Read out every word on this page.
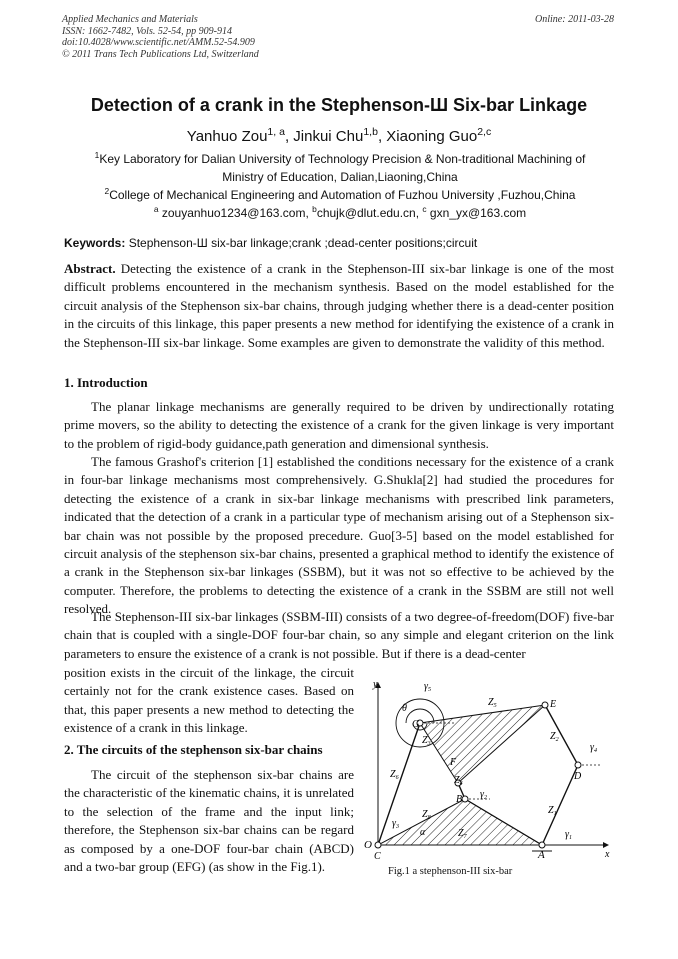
Applied Mechanics and Materials
ISSN: 1662-7482, Vols. 52-54, pp 909-914
doi:10.4028/www.scientific.net/AMM.52-54.909
© 2011 Trans Tech Publications Ltd, Switzerland
Online: 2011-03-28
Detection of a crank in the Stephenson-Ш Six-bar Linkage
Yanhuo Zou$^{1, a}$, Jinkui Chu$^{1,b}$, Xiaoning Guo$^{2,c}$
$^1$Key Laboratory for Dalian University of Technology Precision & Non-traditional Machining of
Ministry of Education, Dalian,Liaoning,China
$^2$College of Mechanical Engineering and Automation of Fuzhou University ,Fuzhou,China
$^a$ zouyanhuo1234@163.com, $^b$chujk@dlut.edu.cn, $^c$ gxn_yx@163.com
Keywords: Stephenson-Ш six-bar linkage;crank ;dead-center positions;circuit
Abstract. Detecting the existence of a crank in the Stephenson-III six-bar linkage is one of the most difficult problems encountered in the mechanism synthesis. Based on the model established for the circuit analysis of the Stephenson six-bar chains, through judging whether there is a dead-center position in the circuits of this linkage, this paper presents a new method for identifying the existence of a crank in the Stephenson-III six-bar linkage. Some examples are given to demonstrate the validity of this method.
1. Introduction
The planar linkage mechanisms are generally required to be driven by undirectionally rotating prime movers, so the ability to detecting the existence of a crank for the given linkage is very important to the problem of rigid-body guidance,path generation and dimensional synthesis.
The famous Grashof's criterion [1] established the conditions necessary for the existence of a crank in four-bar linkage mechanisms most comprehensively. G.Shukla[2] had studied the procedures for detecting the existence of a crank in six-bar linkage mechanisms with prescribed link parameters, indicated that the detection of a crank in a particular type of mechanism arising out of a Stephenson six-bar chain was not possible by the proposed precedure. Guo[3-5] based on the model established for circuit analysis of the stephenson six-bar chains, presented a graphical method to identify the existence of a crank in the Stephenson six-bar linkages (SSBM), but it was not so effective to be achieved by the computer. Therefore, the problems to detecting the existence of a crank in the SSBM are still not well resolved.
The Stephenson-III six-bar linkages (SSBM-III) consists of a two degree-of-freedom(DOF) five-bar chain that is coupled with a single-DOF four-bar chain, so any simple and elegant criterion on the link parameters to ensure the existence of a crank is not possible. But if there is a dead-center
position exists in the circuit of the linkage, the circuit certainly not for the crank existence cases. Based on that, this paper presents a new method to detecting the existence of a crank in this linkage.
2. The circuits of the stephenson six-bar chains
The circuit of the stephenson six-bar chains are the characteristic of the kinematic chains, it is unrelated to the selection of the frame and the input link; therefore, the Stephenson six-bar chains can be regard as composed by a one-DOF four-bar chain (ABCD) and a two-bar group (EFG) (as show in the Fig.1).
y
x
O
C	A
B
D
E
F
G
θ
α
$Z_1$
$Z_7$
$Z_2$
$Z_4$
$Z_5$
$Z_6$
$Z_8$
$Z_3$
$\gamma_1$
$\gamma_2$
$\gamma_3$
$\gamma_4$
$\gamma_5$
Fig.1 a stephenson-III six-bar
